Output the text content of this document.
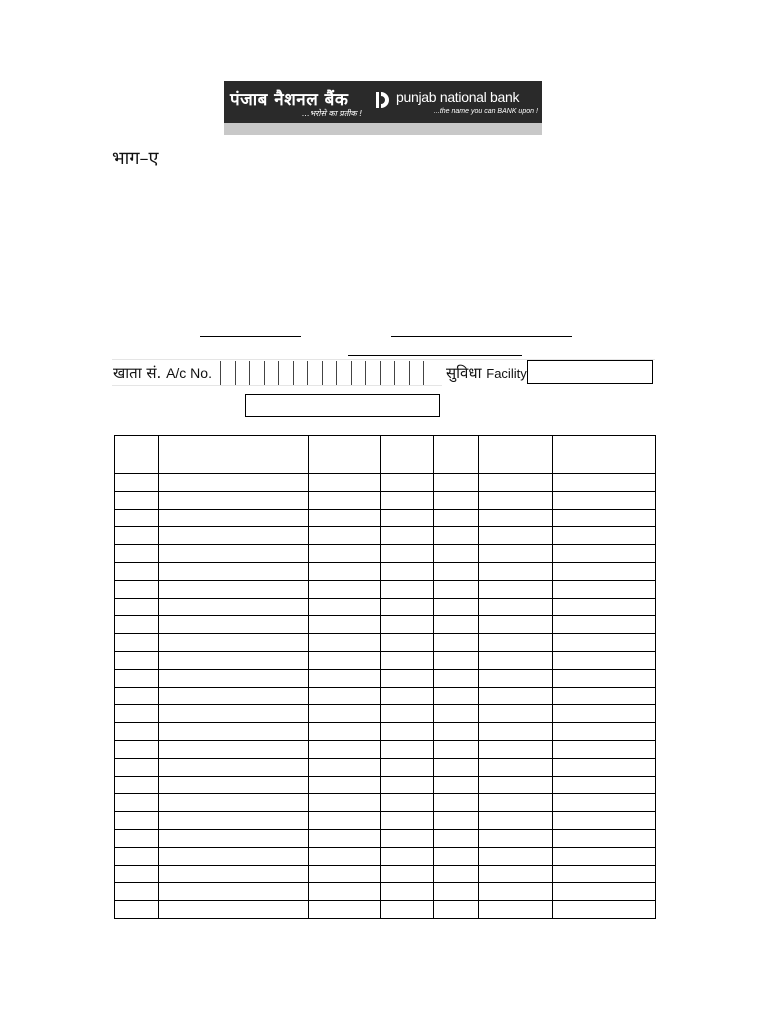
पंजाब नैशनल बैंक
...भरोसे का प्रतीक !
punjab national bank
...the name you can BANK upon !
भाग–ए
खाता सं. A/c No.	सुविधा Facility
